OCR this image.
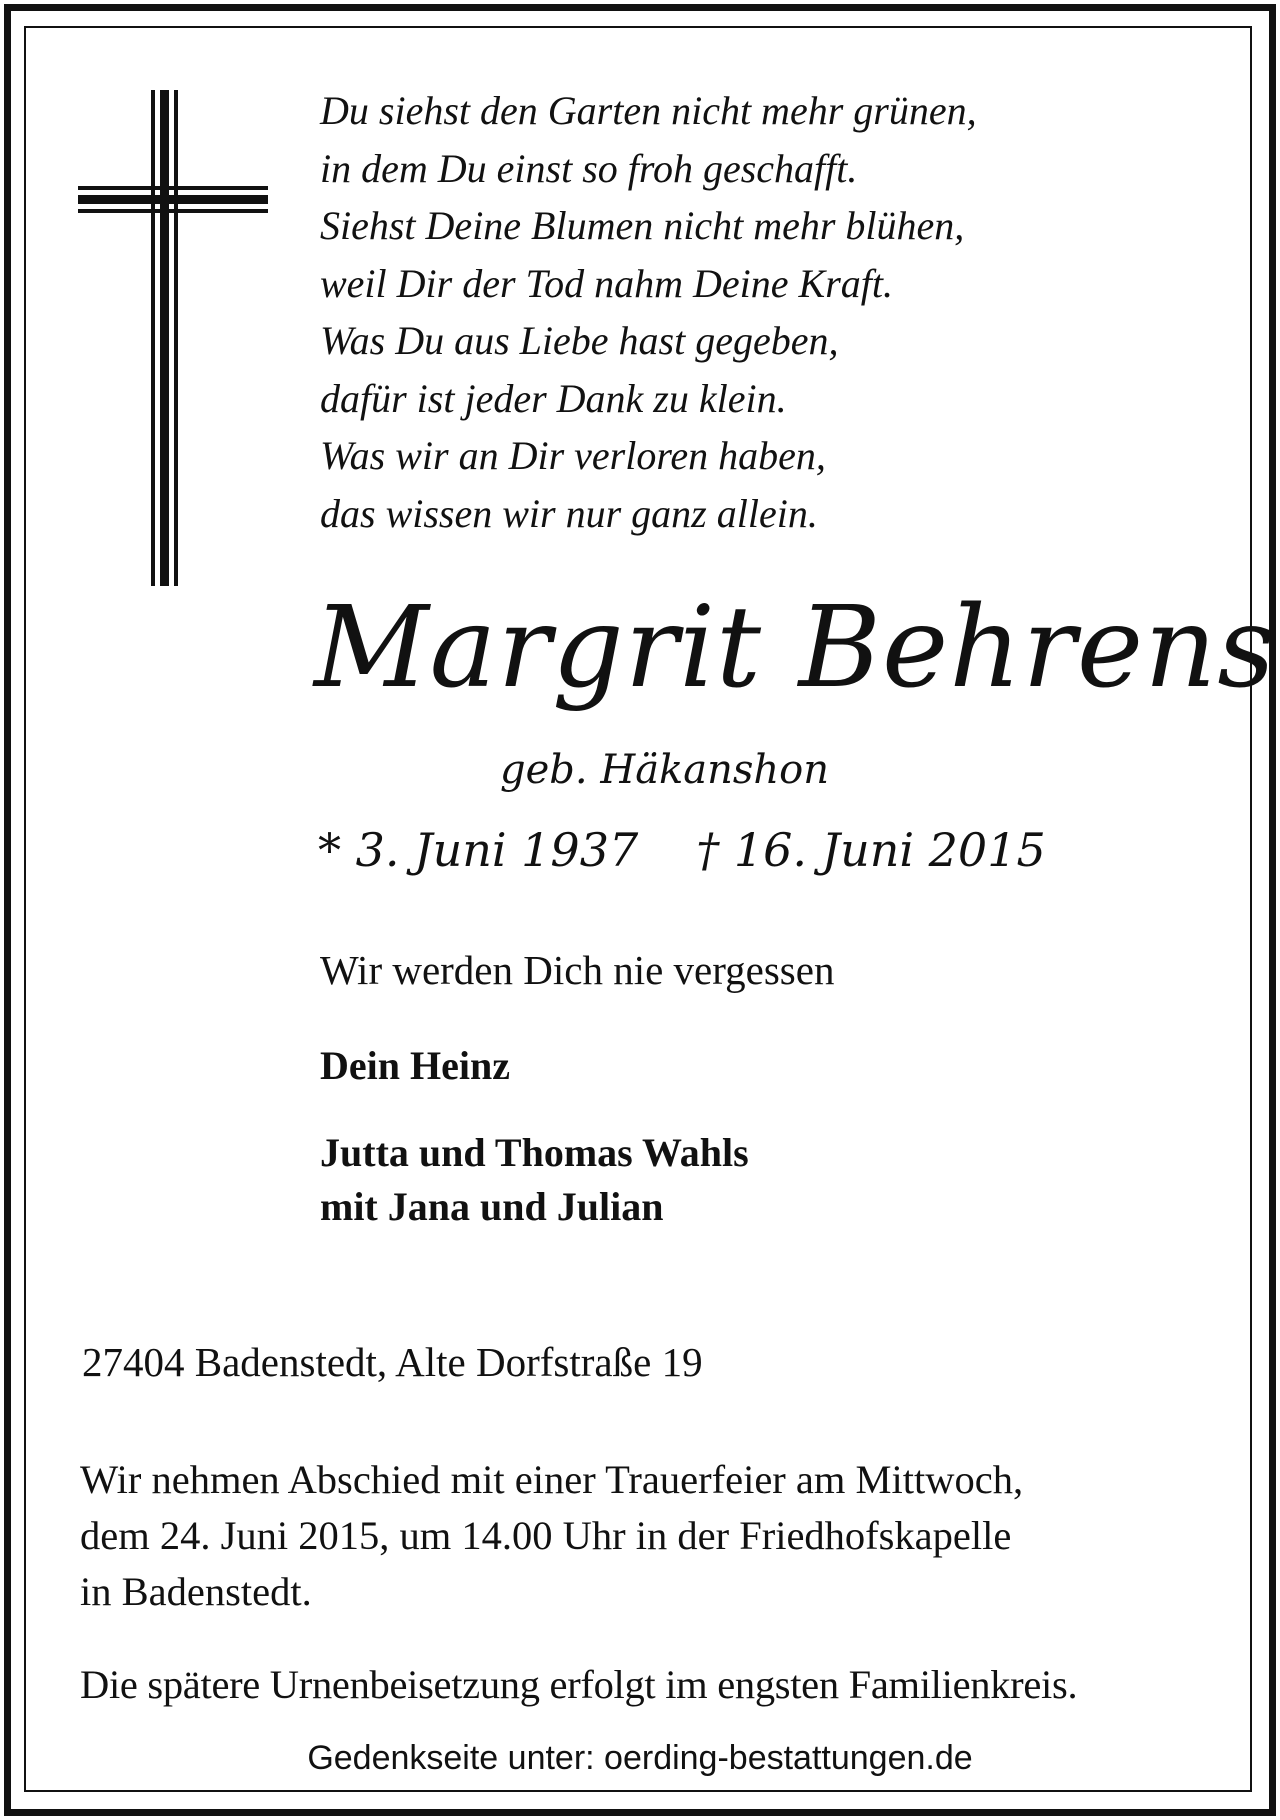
Du siehst den Garten nicht mehr grünen,
in dem Du einst so froh geschafft.
Siehst Deine Blumen nicht mehr blühen,
weil Dir der Tod nahm Deine Kraft.
Was Du aus Liebe hast gegeben,
dafür ist jeder Dank zu klein.
Was wir an Dir verloren haben,
das wissen wir nur ganz allein.
Margrit Behrens
geb. Häkanshon
* 3. Juni 1937 † 16. Juni 2015
Wir werden Dich nie vergessen
Dein Heinz
Jutta und Thomas Wahls
mit Jana und Julian
27404 Badenstedt, Alte Dorfstraße 19
Wir nehmen Abschied mit einer Trauerfeier am Mittwoch,
dem 24. Juni 2015, um 14.00 Uhr in der Friedhofskapelle
in Badenstedt.
Die spätere Urnenbeisetzung erfolgt im engsten Familienkreis.
Gedenkseite unter: oerding-bestattungen.de
